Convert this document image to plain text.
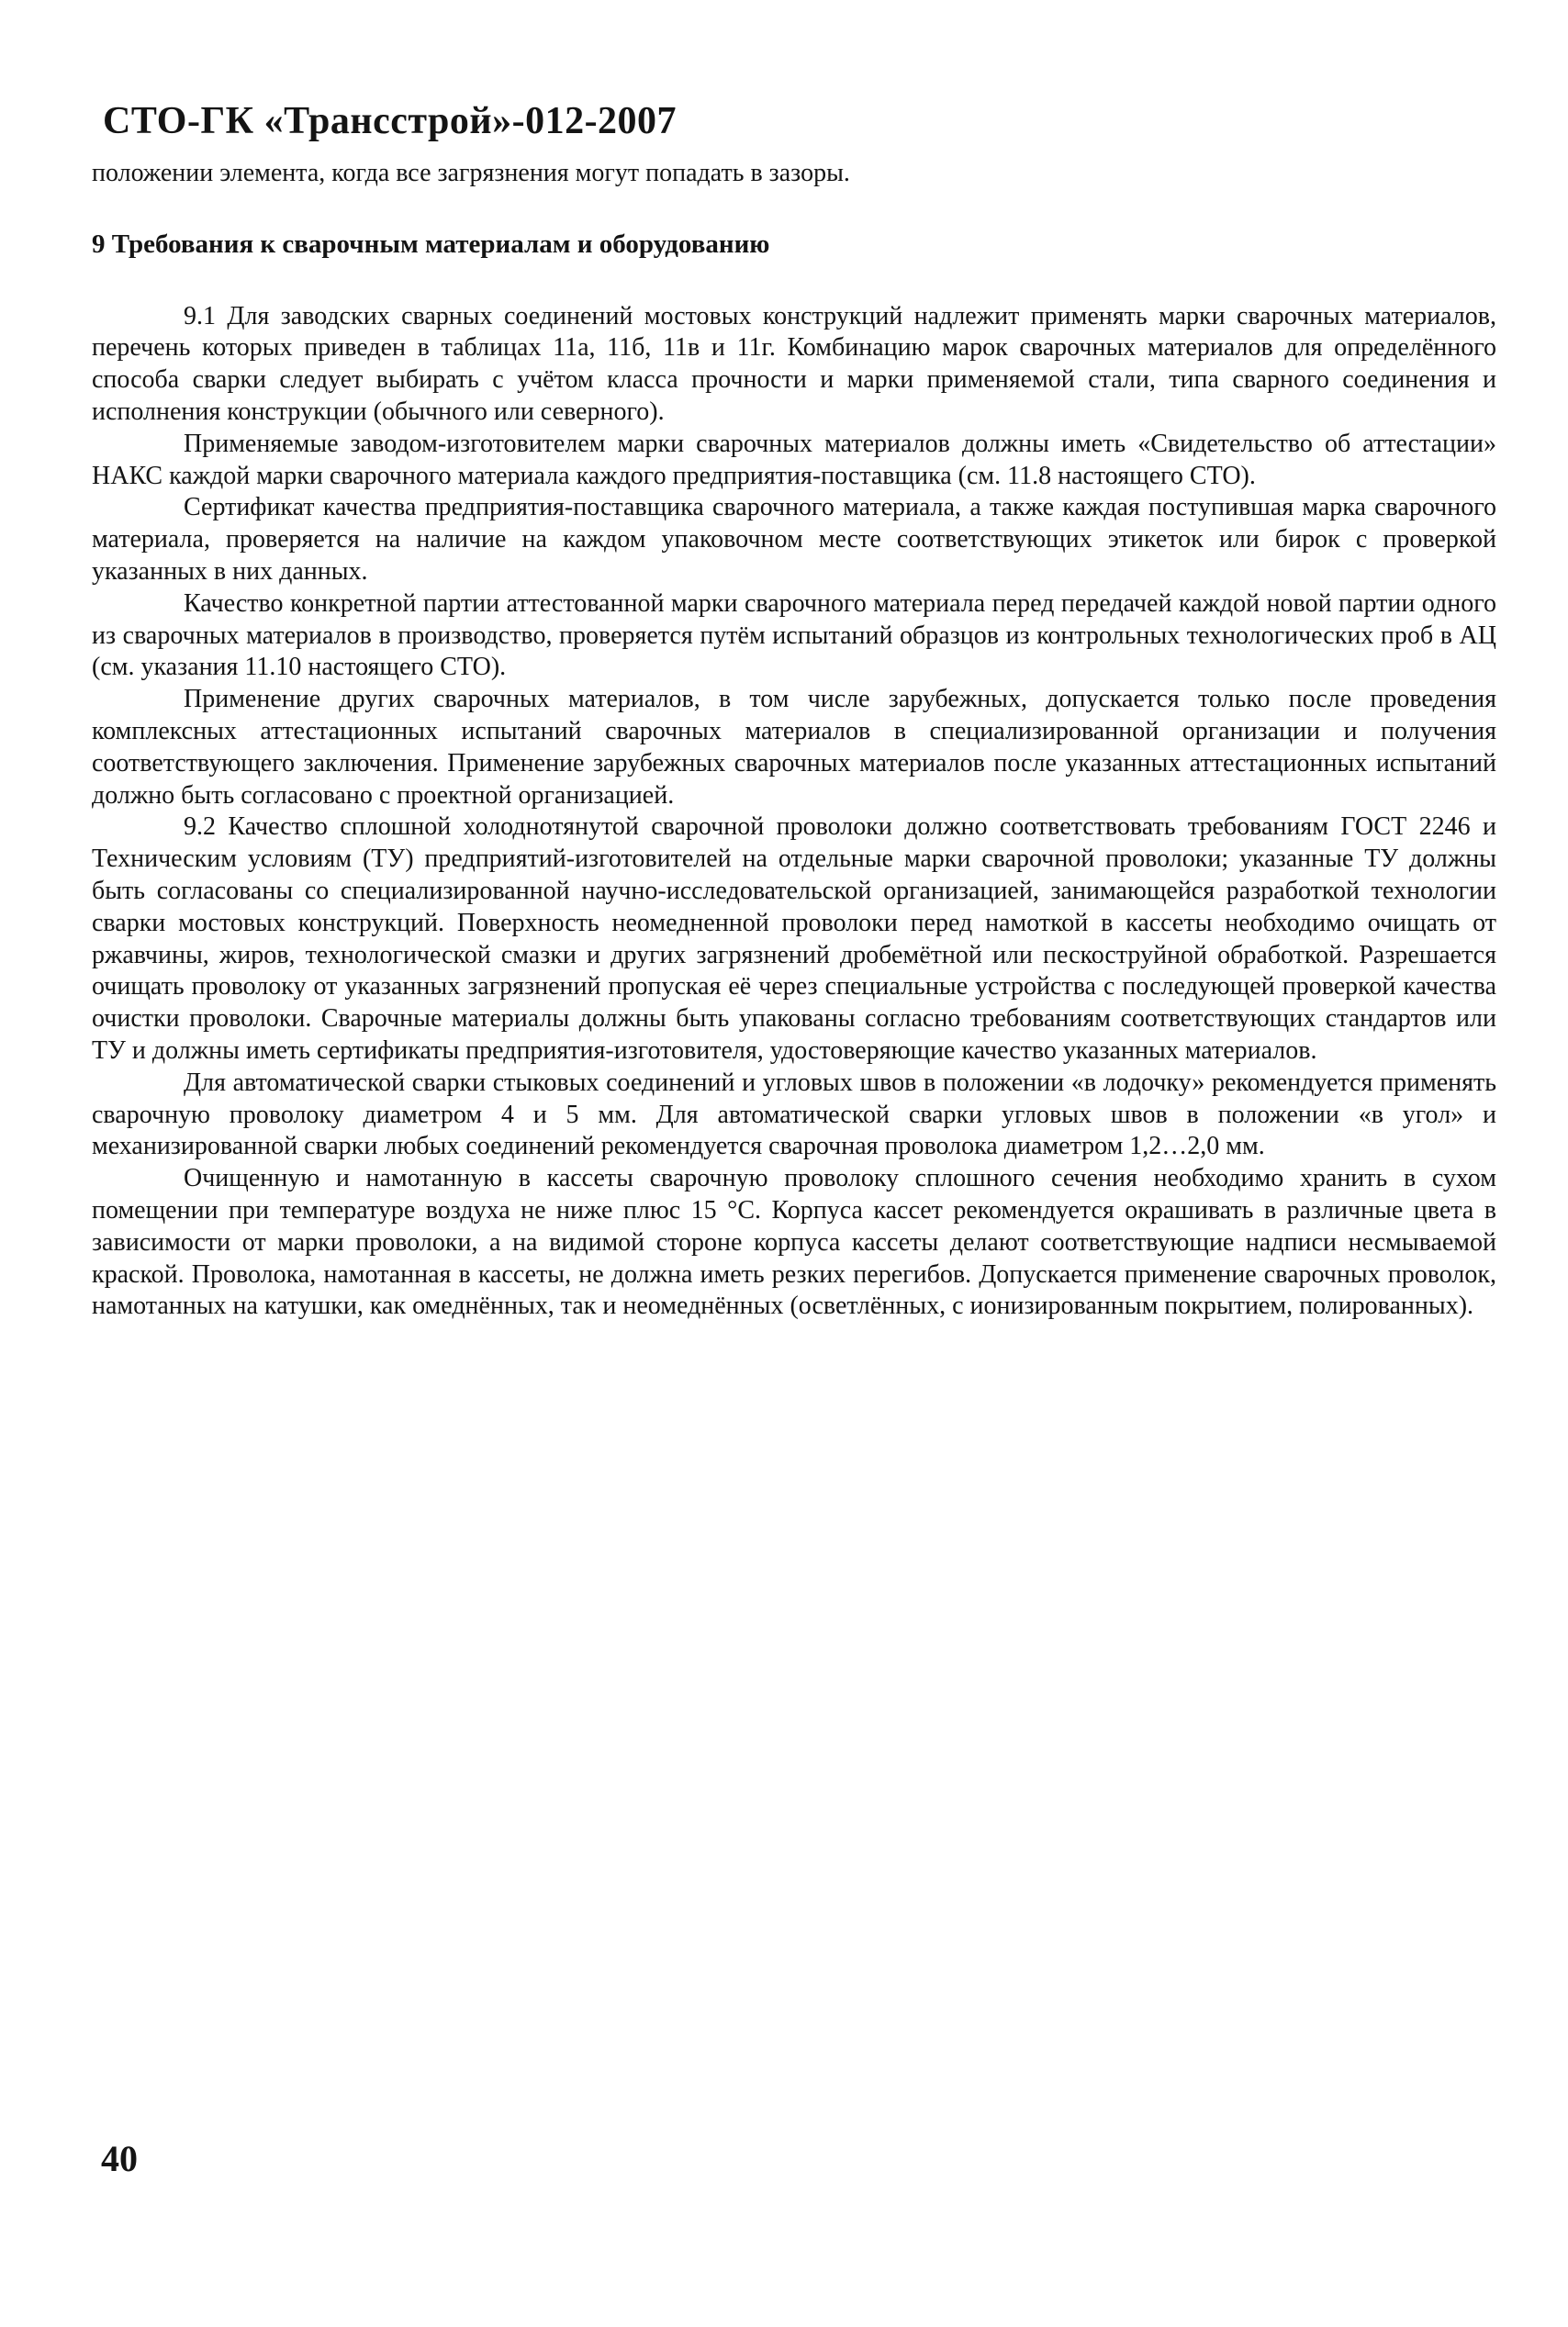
СТО-ГК «Трансстрой»-012-2007

положении элемента, когда все загрязнения могут попадать в зазоры.

9 Требования к сварочным материалам и оборудованию

9.1 Для заводских сварных соединений мостовых конструкций надлежит применять марки сварочных материалов, перечень которых приведен в таблицах 11а, 11б, 11в и 11г. Комбинацию марок сварочных материалов для определённого способа сварки следует выбирать с учётом класса прочности и марки применяемой стали, типа сварного соединения и исполнения конструкции (обычного или северного).

Применяемые заводом-изготовителем марки сварочных материалов должны иметь «Свидетельство об аттестации» НАКС каждой марки сварочного материала каждого предприятия-поставщика (см. 11.8 настоящего СТО).

Сертификат качества предприятия-поставщика сварочного материала, а также каждая поступившая марка сварочного материала, проверяется на наличие на каждом упаковочном месте соответствующих этикеток или бирок с проверкой указанных в них данных.

Качество конкретной партии аттестованной марки сварочного материала перед передачей каждой новой партии одного из сварочных материалов в производство, проверяется путём испытаний образцов из контрольных технологических проб в АЦ (см. указания 11.10 настоящего СТО).

Применение других сварочных материалов, в том числе зарубежных, допускается только после проведения комплексных аттестационных испытаний сварочных материалов в специализированной организации и получения соответствующего заключения. Применение зарубежных сварочных материалов после указанных аттестационных испытаний должно быть согласовано с проектной организацией.

9.2 Качество сплошной холоднотянутой сварочной проволоки должно соответствовать требованиям ГОСТ 2246 и Техническим условиям (ТУ) предприятий-изготовителей на отдельные марки сварочной проволоки; указанные ТУ должны быть согласованы со специализированной научно-исследовательской организацией, занимающейся разработкой технологии сварки мостовых конструкций. Поверхность неомедненной проволоки перед намоткой в кассеты необходимо очищать от ржавчины, жиров, технологической смазки и других загрязнений дробемётной или пескоструйной обработкой. Разрешается очищать проволоку от указанных загрязнений пропуская её через специальные устройства с последующей проверкой качества очистки проволоки. Сварочные материалы должны быть упакованы согласно требованиям соответствующих стандартов или ТУ и должны иметь сертификаты предприятия-изготовителя, удостоверяющие качество указанных материалов.

Для автоматической сварки стыковых соединений и угловых швов в положении «в лодочку» рекомендуется применять сварочную проволоку диаметром 4 и 5 мм. Для автоматической сварки угловых швов в положении «в угол» и механизированной сварки любых соединений рекомендуется сварочная проволока диаметром 1,2…2,0 мм.

Очищенную и намотанную в кассеты сварочную проволоку сплошного сечения необходимо хранить в сухом помещении при температуре воздуха не ниже плюс 15 °С. Корпуса кассет рекомендуется окрашивать в различные цвета в зависимости от марки проволоки, а на видимой стороне корпуса кассеты делают соответствующие надписи несмываемой краской. Проволока, намотанная в кассеты, не должна иметь резких перегибов. Допускается применение сварочных проволок, намотанных на катушки, как омеднённых, так и неомеднённых (осветлённых, с ионизированным покрытием, полированных).

40
